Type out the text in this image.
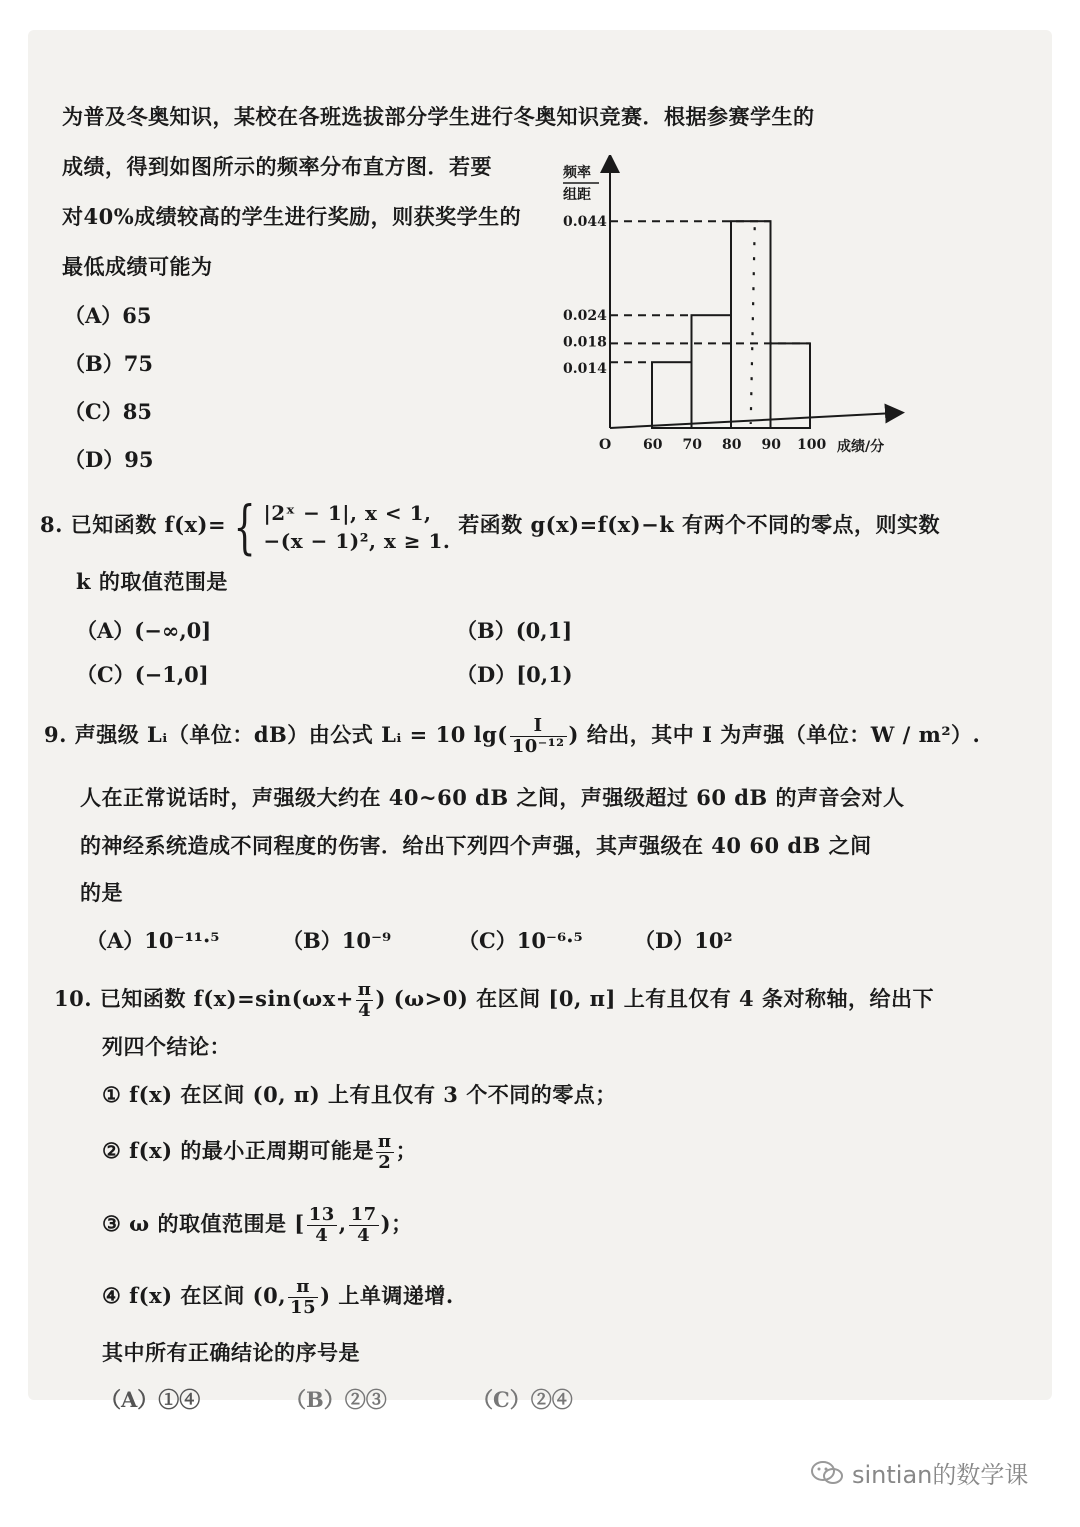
为普及冬奥知识，某校在各班选拔部分学生进行冬奥知识竞赛．根据参赛学生的
成绩，得到如图所示的频率分布直方图．若要
对40%成绩较高的学生进行奖励，则获奖学生的
最低成绩可能为
（A）65
（B）75
（C）85
（D）95
0.044
0.024
0.018
0.014
60 70 80 90 100
频率
组距
O	成绩/分
8. 已知函数 f(x)= { |2ˣ − 1|, x < 1,
−(x − 1)², x ≥ 1.
若函数 g(x)=f(x)−k 有两个不同的零点，则实数
k 的取值范围是
（A）(−∞,0]	（B）(0,1]
（C）(−1,0]	（D）[0,1)
9. 声强级 Lᵢ（单位：dB）由公式 Lᵢ = 10 $\lg( \frac{I}{\text{10⁻¹²}}$ ) 给出，其中 I 为声强（单位：W / m²）.
人在正常说话时，声强级大约在 40~60 dB 之间，声强级超过 60 dB 的声音会对人
的神经系统造成不同程度的伤害．给出下列四个声强，其声强级在 40 60 dB 之间
的是
（A）10⁻¹¹·⁵	（B）10⁻⁹	（C）10⁻⁶·⁵ （D）10²
10. 已知函数 $f(x)=\sin(\omega x+ \frac{\pi}{4}$ ) (ω>0) 在区间 [0, π] 上有且仅有 4 条对称轴，给出下
列四个结论：
① f(x) 在区间 (0, π) 上有且仅有 3 个不同的零点；
② f(x) 的最小正周期可能是 $\frac{\pi}{2}$ ；
③ ω 的取值范围是 [ $\frac{13}{4}$ , $\frac{17}{4}$ )；
④ f(x) 在区间 (0, $\frac{\pi}{15}$ ) 上单调递增.
其中所有正确结论的序号是
（A）①④	（B）②③	（C）②④
sintian的数学课
